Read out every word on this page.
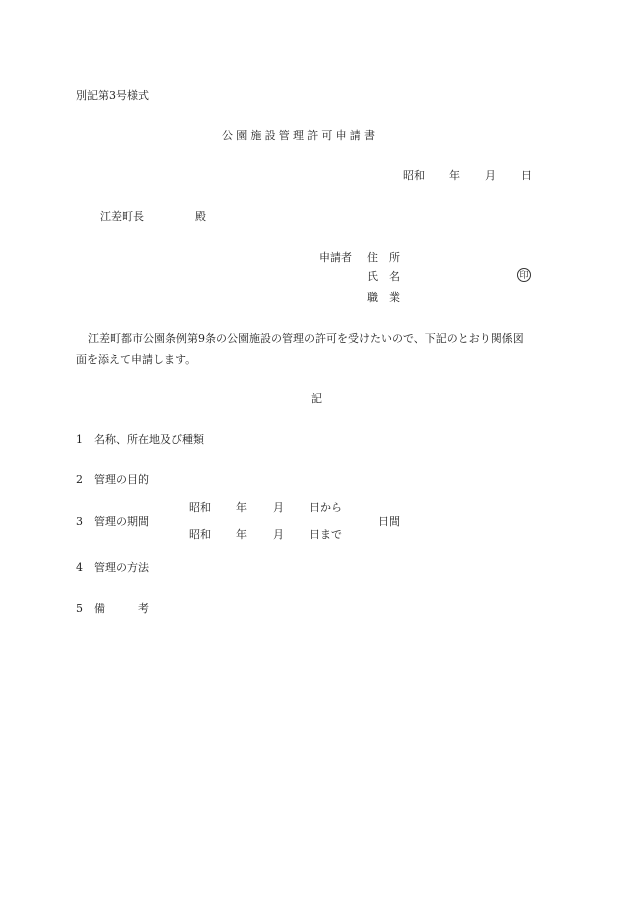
別記第3号様式
公園施設管理許可申請書
昭和 年 月 日
江差町長	殿
申請者 住　所
氏　名	印
職　業
江差町都市公園条例第9条の公園施設の管理の許可を受けたいので、下記のとおり関係図
面を添えて申請します。
記
1 名称、所在地及び種類
2 管理の目的
3 管理の期間
昭和 年 月 日から
昭和 年 月 日まで
日間
4 管理の方法
5 備　　　考
